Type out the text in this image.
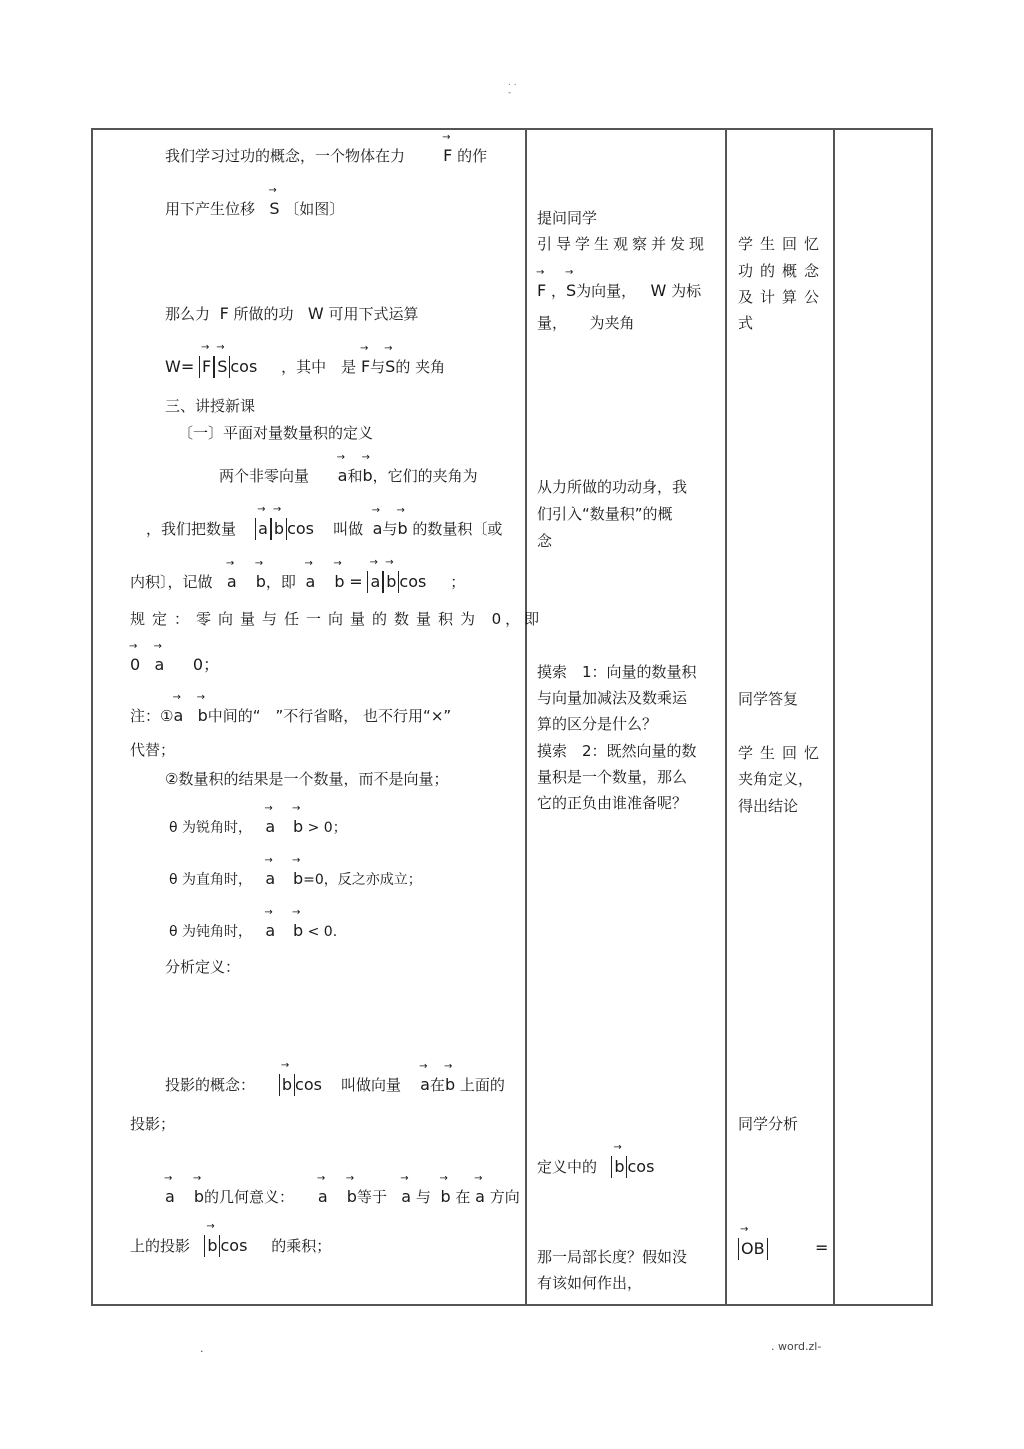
. .
-
我们学习过功的概念，一个物体在力 → F 的作
用下产生位移 → S 〔如图〕
那么力 F 所做的功 W 可用下式运算
W= → F → S cos ，其中　是 → F与→ S的 夹角
三、讲授新课
〔一〕平面对量数量积的定义
两个非零向量 → a和→ b，它们的夹角为
，我们把数量 → a → b cos 叫做 → a与→ b 的数量积〔或
内积〕，记做 → a → b，即 → a → b = → a → b cos ；
规定：零向量与任一向量的数量积为 0，即
→ 0 → a 0；
注：①→ a → b中间的“　”不行省略， 也不行用“×”
代替；
②数量积的结果是一个数量，而不是向量；
θ 为锐角时， → a → b > 0；
θ 为直角时， → a → b=0，反之亦成立；
θ 为钝角时， → a → b < 0.
分析定义：
投影的概念： → b cos 叫做向量 → a在→ b 上面的
投影；
→ a → b的几何意义： → a → b等于 → a 与 → b 在 → a 方向
上的投影 → b cos 的乘积；
提问同学
引导学生观察并发现
→ F ，→ S为向量， W 为标
量，　　为夹角
从力所做的功动身，我
们引入“数量积”的概
念
摸索　1：向量的数量积
与向量加减法及数乘运
算的区分是什么？
摸索　2：既然向量的数
量积是一个数量，那么
它的正负由谁准备呢？
定义中的 → b cos
那一局部长度？假如没
有该如何作出，
学生回忆
功的概念
及计算公
式
同学答复
学生回忆
夹角定义，
得出结论
同学分析
→ OB	=
.	. word.zl-
